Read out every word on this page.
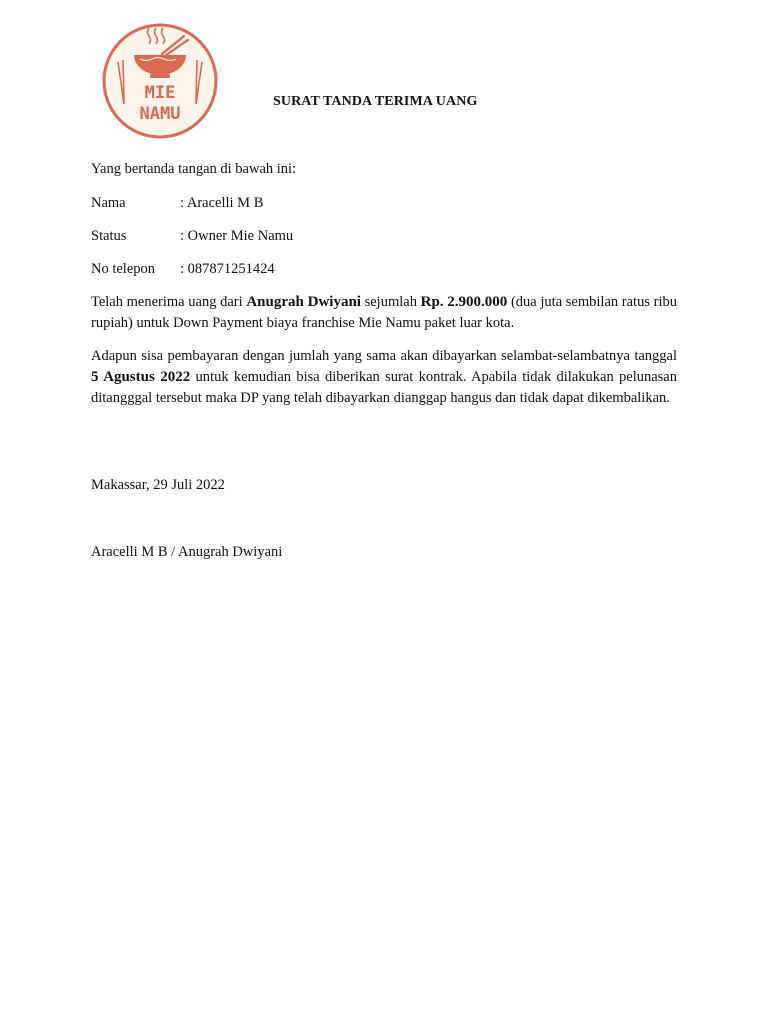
MIE
NAMU
SURAT TANDA TERIMA UANG
Yang bertanda tangan di bawah ini:
Nama	: Aracelli M B
Status	: Owner Mie Namu
No telepon : 087871251424
Telah menerima uang dari Anugrah Dwiyani sejumlah Rp. 2.900.000 (dua juta sembilan ratus ribu rupiah) untuk Down Payment biaya franchise Mie Namu paket luar kota.
Adapun sisa pembayaran dengan jumlah yang sama akan dibayarkan selambat-selambatnya tanggal 5 Agustus 2022 untuk kemudian bisa diberikan surat kontrak. Apabila tidak dilakukan pelunasan ditangggal tersebut maka DP yang telah dibayarkan dianggap hangus dan tidak dapat dikembalikan.
Makassar, 29 Juli 2022
Aracelli M B / Anugrah Dwiyani
